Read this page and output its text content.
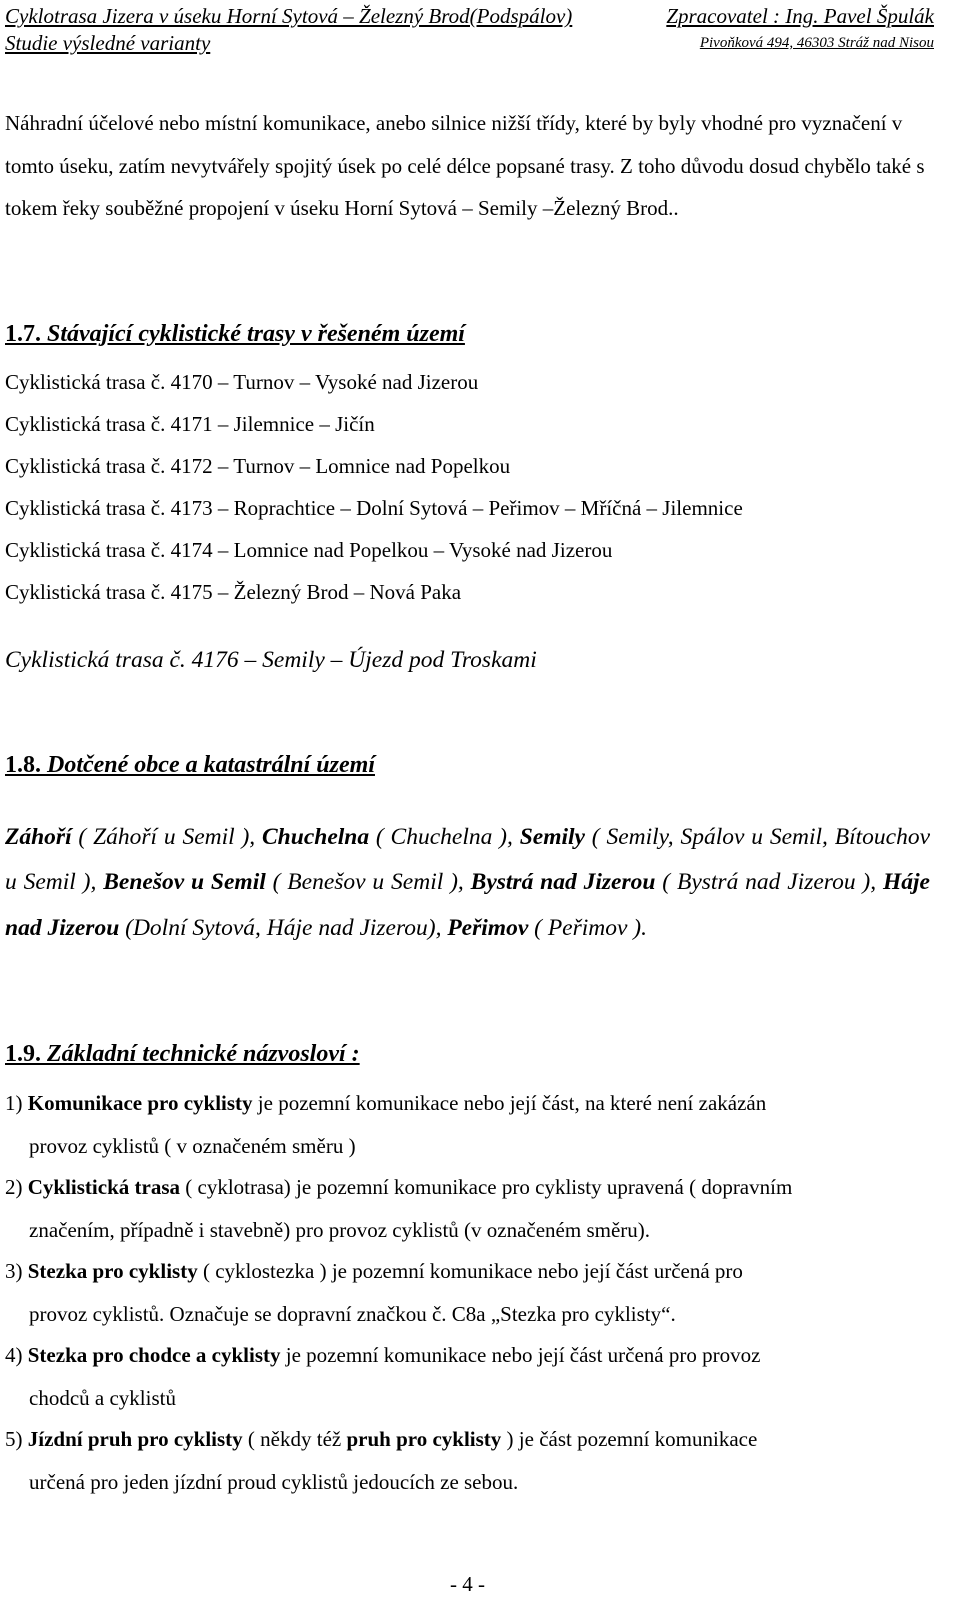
Cyklotrasa Jizera v úseku Horní Sytová – Železný Brod(Podspálov)	Zpracovatel : Ing. Pavel Špulák
Studie výsledné varianty	Pivoňková 494, 46303 Stráž nad Nisou
Náhradní účelové nebo místní komunikace, anebo silnice nižší třídy, které by byly vhodné pro vyznačení v tomto úseku, zatím nevytvářely spojitý úsek po celé délce popsané trasy. Z toho důvodu dosud chybělo také s tokem řeky souběžné propojení v úseku Horní Sytová – Semily –Železný Brod..
1.7. Stávající cyklistické trasy v řešeném území
Cyklistická trasa č. 4170 – Turnov – Vysoké nad Jizerou
Cyklistická trasa č. 4171 – Jilemnice – Jičín
Cyklistická trasa č. 4172 – Turnov – Lomnice nad Popelkou
Cyklistická trasa č. 4173 – Roprachtice – Dolní Sytová – Peřimov – Mříčná – Jilemnice
Cyklistická trasa č. 4174 – Lomnice nad Popelkou – Vysoké nad Jizerou
Cyklistická trasa č. 4175 – Železný Brod – Nová Paka
Cyklistická trasa č. 4176 – Semily – Újezd pod Troskami
1.8. Dotčené obce a katastrální území
Záhoří ( Záhoří u Semil ), Chuchelna ( Chuchelna ), Semily ( Semily, Spálov u Semil, Bítouchov u Semil ), Benešov u Semil ( Benešov u Semil ), Bystrá nad Jizerou ( Bystrá nad Jizerou ), Háje nad Jizerou (Dolní Sytová, Háje nad Jizerou), Peřimov ( Peřimov ).
1.9. Základní technické názvosloví :
1) Komunikace pro cyklisty je pozemní komunikace nebo její část, na které není zakázán
provoz cyklistů ( v označeném směru )
2) Cyklistická trasa ( cyklotrasa) je pozemní komunikace pro cyklisty upravená ( dopravním
značením, případně i stavebně) pro provoz cyklistů (v označeném směru).
3) Stezka pro cyklisty ( cyklostezka ) je pozemní komunikace nebo její část určená pro
provoz cyklistů. Označuje se dopravní značkou č. C8a „Stezka pro cyklisty“.
4) Stezka pro chodce a cyklisty je pozemní komunikace nebo její část určená pro provoz
chodců a cyklistů
5) Jízdní pruh pro cyklisty ( někdy též pruh pro cyklisty ) je část pozemní komunikace
určená pro jeden jízdní proud cyklistů jedoucích ze sebou.
- 4 -
